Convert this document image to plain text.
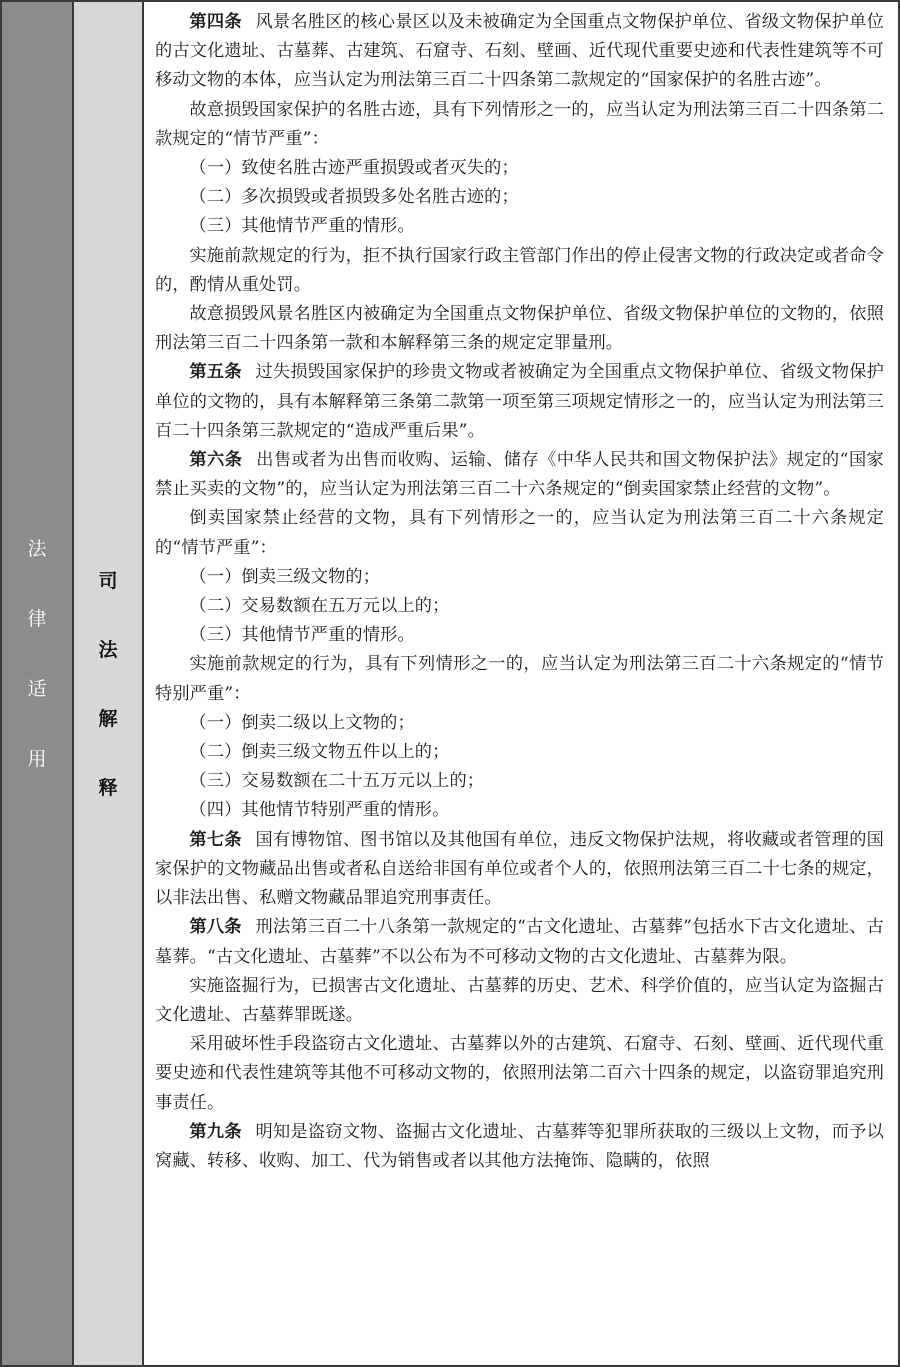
法
律
适
用
司
法
解
释

第四条 风景名胜区的核心景区以及未被确定为全国重点文物保护单位、省级文物保护单位的古文化遗址、古墓葬、古建筑、石窟寺、石刻、壁画、近代现代重要史迹和代表性建筑等不可移动文物的本体，应当认定为刑法第三百二十四条第二款规定的“国家保护的名胜古迹”。

故意损毁国家保护的名胜古迹，具有下列情形之一的，应当认定为刑法第三百二十四条第二款规定的“情节严重”：

（一）致使名胜古迹严重损毁或者灭失的；

（二）多次损毁或者损毁多处名胜古迹的；

（三）其他情节严重的情形。

实施前款规定的行为，拒不执行国家行政主管部门作出的停止侵害文物的行政决定或者命令的，酌情从重处罚。

故意损毁风景名胜区内被确定为全国重点文物保护单位、省级文物保护单位的文物的，依照刑法第三百二十四条第一款和本解释第三条的规定定罪量刑。

第五条 过失损毁国家保护的珍贵文物或者被确定为全国重点文物保护单位、省级文物保护单位的文物的，具有本解释第三条第二款第一项至第三项规定情形之一的，应当认定为刑法第三百二十四条第三款规定的“造成严重后果”。

第六条 出售或者为出售而收购、运输、储存《中华人民共和国文物保护法》规定的“国家禁止买卖的文物”的，应当认定为刑法第三百二十六条规定的“倒卖国家禁止经营的文物”。

倒卖国家禁止经营的文物，具有下列情形之一的，应当认定为刑法第三百二十六条规定的“情节严重”：

（一）倒卖三级文物的；

（二）交易数额在五万元以上的；

（三）其他情节严重的情形。

实施前款规定的行为，具有下列情形之一的，应当认定为刑法第三百二十六条规定的“情节特别严重”：

（一）倒卖二级以上文物的；

（二）倒卖三级文物五件以上的；

（三）交易数额在二十五万元以上的；

（四）其他情节特别严重的情形。

第七条 国有博物馆、图书馆以及其他国有单位，违反文物保护法规，将收藏或者管理的国家保护的文物藏品出售或者私自送给非国有单位或者个人的，依照刑法第三百二十七条的规定，以非法出售、私赠文物藏品罪追究刑事责任。

第八条 刑法第三百二十八条第一款规定的“古文化遗址、古墓葬”包括水下古文化遗址、古墓葬。“古文化遗址、古墓葬”不以公布为不可移动文物的古文化遗址、古墓葬为限。

实施盗掘行为，已损害古文化遗址、古墓葬的历史、艺术、科学价值的，应当认定为盗掘古文化遗址、古墓葬罪既遂。

采用破坏性手段盗窃古文化遗址、古墓葬以外的古建筑、石窟寺、石刻、壁画、近代现代重要史迹和代表性建筑等其他不可移动文物的，依照刑法第二百六十四条的规定，以盗窃罪追究刑事责任。

第九条 明知是盗窃文物、盗掘古文化遗址、古墓葬等犯罪所获取的三级以上文物，而予以窝藏、转移、收购、加工、代为销售或者以其他方法掩饰、隐瞒的，依照
